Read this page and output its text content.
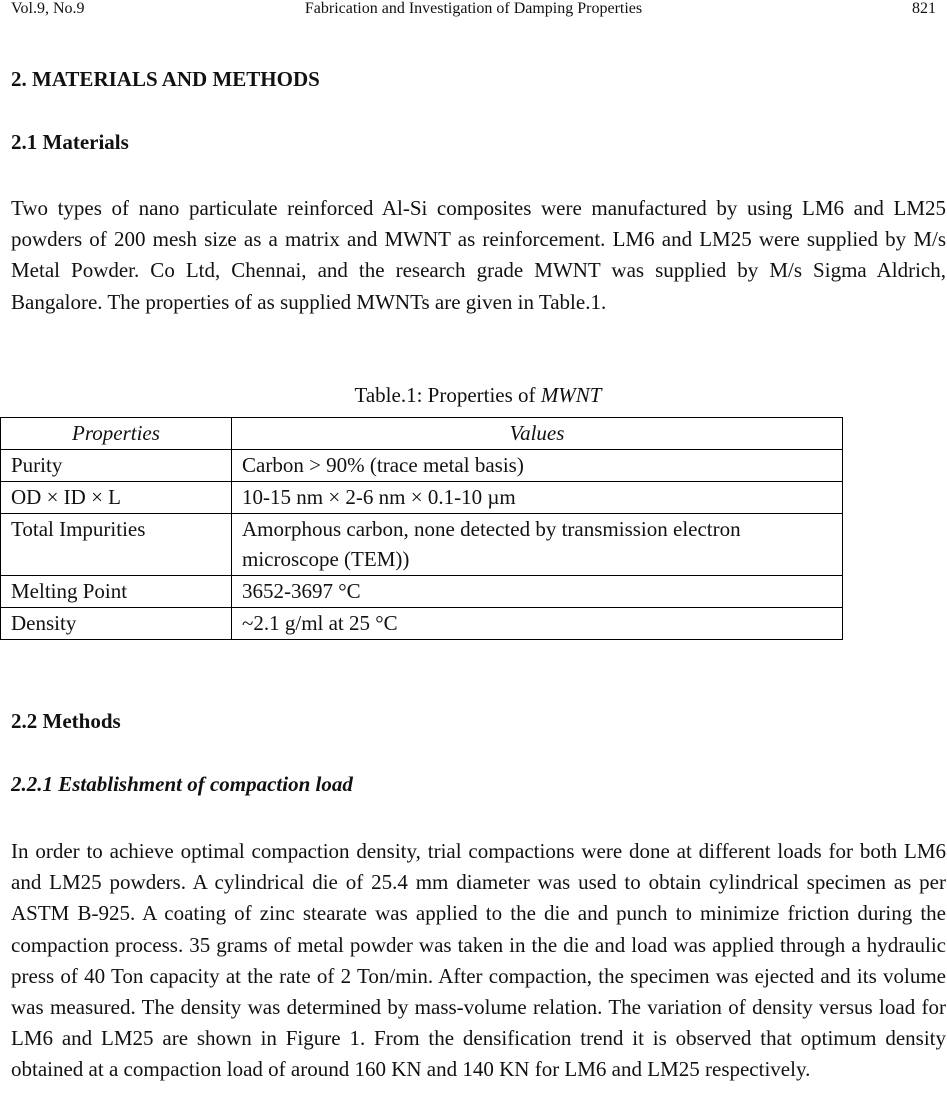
Vol.9, No.9	Fabrication and Investigation of Damping Properties	821
2. MATERIALS AND METHODS
2.1 Materials

Two types of nano particulate reinforced Al-Si composites were manufactured by using LM6 and LM25 powders of 200 mesh size as a matrix and MWNT as reinforcement. LM6 and LM25 were supplied by M/s Metal Powder. Co Ltd, Chennai, and the research grade MWNT was supplied by M/s Sigma Aldrich, Bangalore. The properties of as supplied MWNTs are given in Table.1.

Table.1: Properties of MWNT
Properties	Values
Purity	Carbon > 90% (trace metal basis)
OD × ID × L	10-15 nm × 2-6 nm × 0.1-10 µm
Total Impurities	Amorphous carbon, none detected by transmission electron microscope (TEM))
Melting Point	3652-3697 °C
Density	~2.1 g/ml at 25 °C
2.2 Methods
2.2.1 Establishment of compaction load

In order to achieve optimal compaction density, trial compactions were done at different loads for both LM6 and LM25 powders. A cylindrical die of 25.4 mm diameter was used to obtain cylindrical specimen as per ASTM B-925. A coating of zinc stearate was applied to the die and punch to minimize friction during the compaction process. 35 grams of metal powder was taken in the die and load was applied through a hydraulic press of 40 Ton capacity at the rate of 2 Ton/min. After compaction, the specimen was ejected and its volume was measured. The density was determined by mass-volume relation. The variation of density versus load for LM6 and LM25 are shown in Figure 1. From the densification trend it is observed that optimum density obtained at a compaction load of around 160 KN and 140 KN for LM6 and LM25 respectively.
